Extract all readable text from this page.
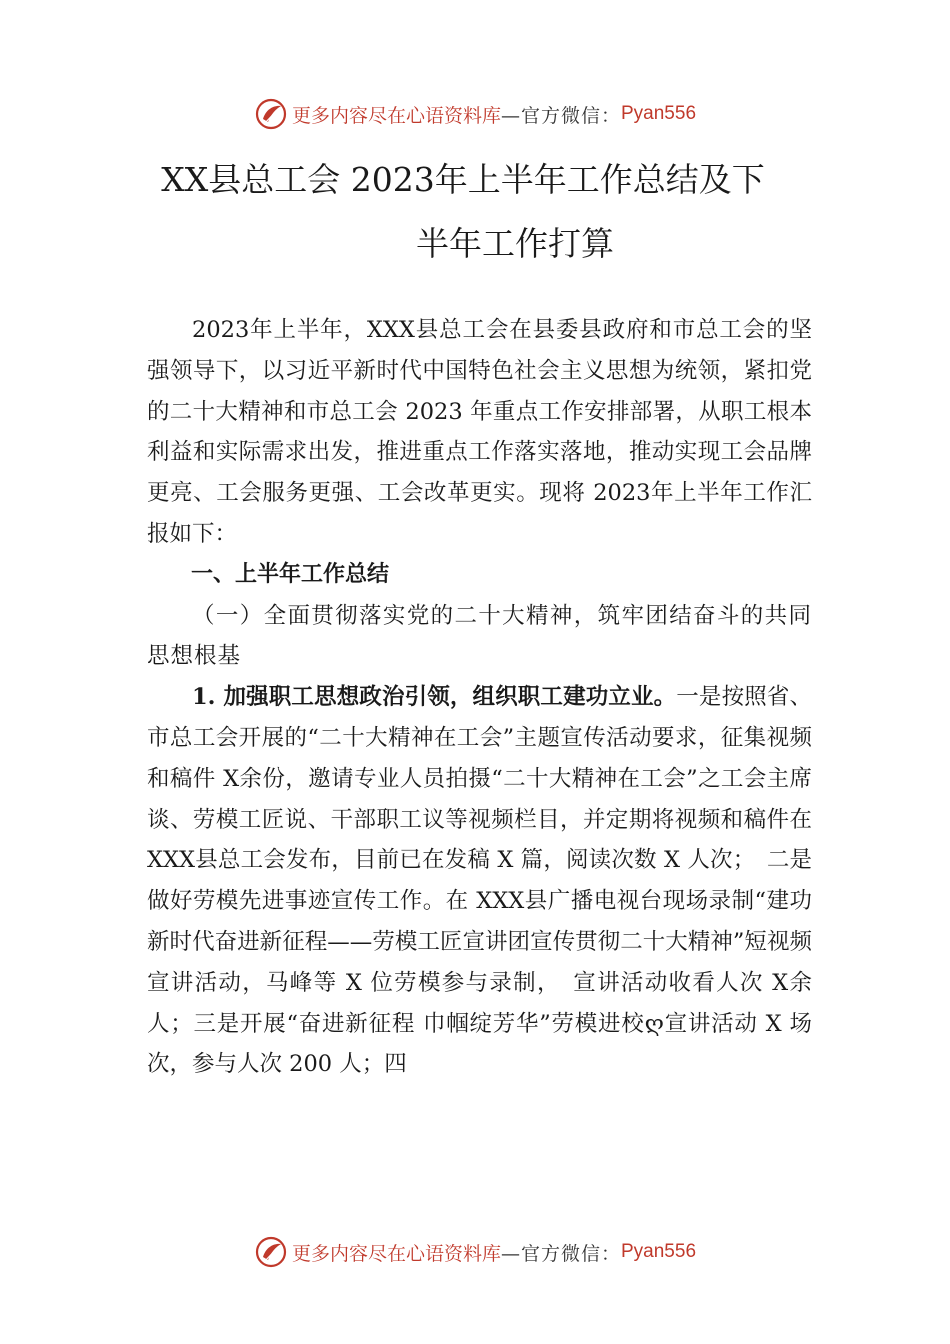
更多内容尽在心语资料库 —官方微信： Pyan556
XX县总工会 2023年上半年工作总结及下
半年工作打算

2023年上半年，XXX县总工会在县委县政府和市总工会的坚强领导下，以习近平新时代中国特色社会主义思想为统领，紧扣党的二十大精神和市总工会 2023 年重点工作安排部署，从职工根本利益和实际需求出发，推进重点工作落实落地，推动实现工会品牌更亮、工会服务更强、工会改革更实。现将 2023年上半年工作汇报如下：

一、上半年工作总结

（一）全面贯彻落实党的二十大精神，筑牢团结奋斗的共同思想根基

1. 加强职工思想政治引领，组织职工建功立业。一是按照省、市总工会开展的“二十大精神在工会”主题宣传活动要求，征集视频和稿件 X余份，邀请专业人员拍摄“二十大精神在工会”之工会主席谈、劳模工匠说、干部职工议等视频栏目，并定期将视频和稿件在 XXX县总工会发布，目前已在发稿 X 篇，阅读次数 X 人次；　二是做好劳模先进事迹宣传工作。在 XXX县广播电视台现场录制“建功新时代奋进新征程——劳模工匠宣讲团宣传贯彻二十大精神”短视频宣讲活动，马峰等 X 位劳模参与录制，　宣讲活动收看人次 X余人；三是开展“奋进新征程 巾帼绽芳华”劳模进校ღ宣讲活动 X 场次，参与人次 200 人；四

更多内容尽在心语资料库 —官方微信： Pyan556
